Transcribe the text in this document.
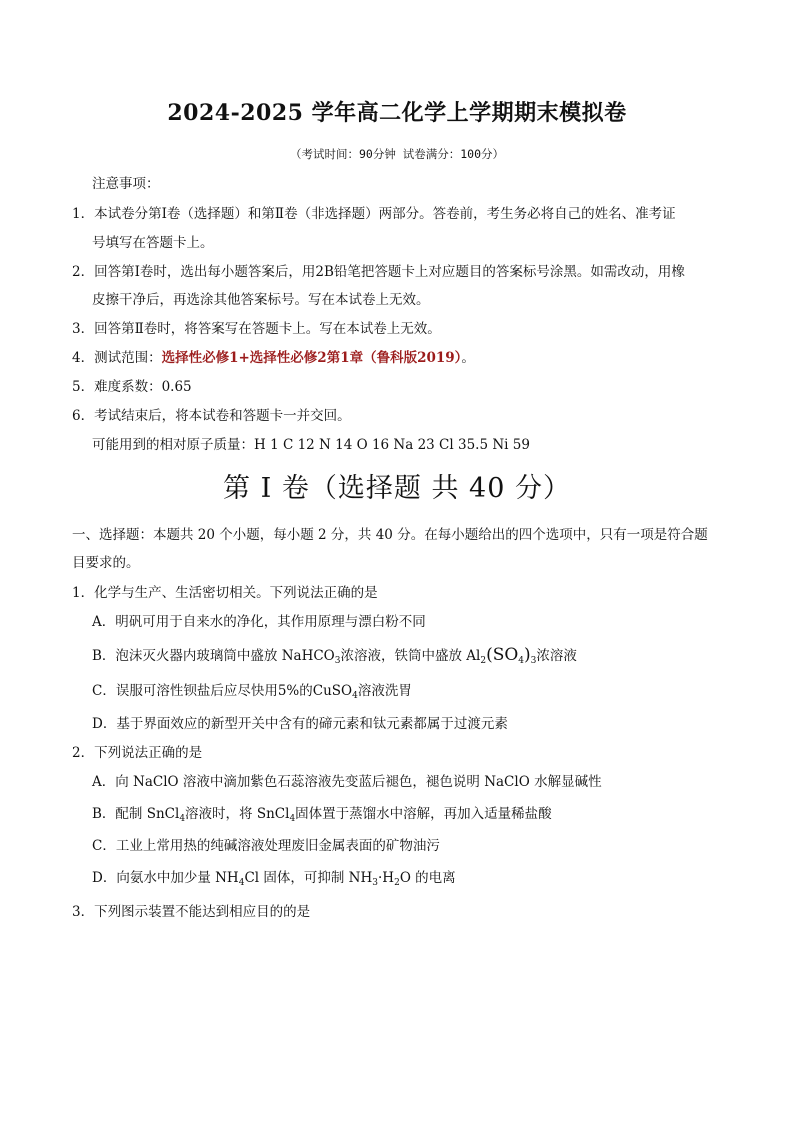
2024-2025 学年高二化学上学期期末模拟卷
（考试时间：90分钟 试卷满分：100分）
注意事项：
1．本试卷分第Ⅰ卷（选择题）和第Ⅱ卷（非选择题）两部分。答卷前，考生务必将自己的姓名、准考证
号填写在答题卡上。
2．回答第Ⅰ卷时，选出每小题答案后，用2B铅笔把答题卡上对应题目的答案标号涂黑。如需改动，用橡
皮擦干净后，再选涂其他答案标号。写在本试卷上无效。
3．回答第Ⅱ卷时，将答案写在答题卡上。写在本试卷上无效。
4．测试范围：选择性必修1+选择性必修2第1章（鲁科版2019）。
5．难度系数：0.65
6．考试结束后，将本试卷和答题卡一并交回。
可能用到的相对原子质量：H 1 C 12 N 14 O 16 Na 23 Cl 35.5 Ni 59
第 I 卷（选择题 共 40 分）
一、选择题：本题共 20 个小题，每小题 2 分，共 40 分。在每小题给出的四个选项中，只有一项是符合题
目要求的。
1．化学与生产、生活密切相关。下列说法正确的是
A．明矾可用于自来水的净化，其作用原理与漂白粉不同
B．泡沫灭火器内玻璃筒中盛放 NaHCO$_3$浓溶液，铁筒中盛放 $Al_2(SO_4)_3$浓溶液
C．误服可溶性钡盐后应尽快用5%的CuSO$_4$溶液洗胃
D．基于界面效应的新型开关中含有的碲元素和钛元素都属于过渡元素
2．下列说法正确的是
A．向 NaClO 溶液中滴加紫色石蕊溶液先变蓝后褪色，褪色说明 NaClO 水解显碱性
B．配制 SnCl$_4$溶液时，将 SnCl$_4$固体置于蒸馏水中溶解，再加入适量稀盐酸
C．工业上常用热的纯碱溶液处理废旧金属表面的矿物油污
D．向氨水中加少量 $NH_4Cl$ 固体，可抑制 $NH_3\cdot H_2O$ 的电离
3．下列图示装置不能达到相应目的的是
